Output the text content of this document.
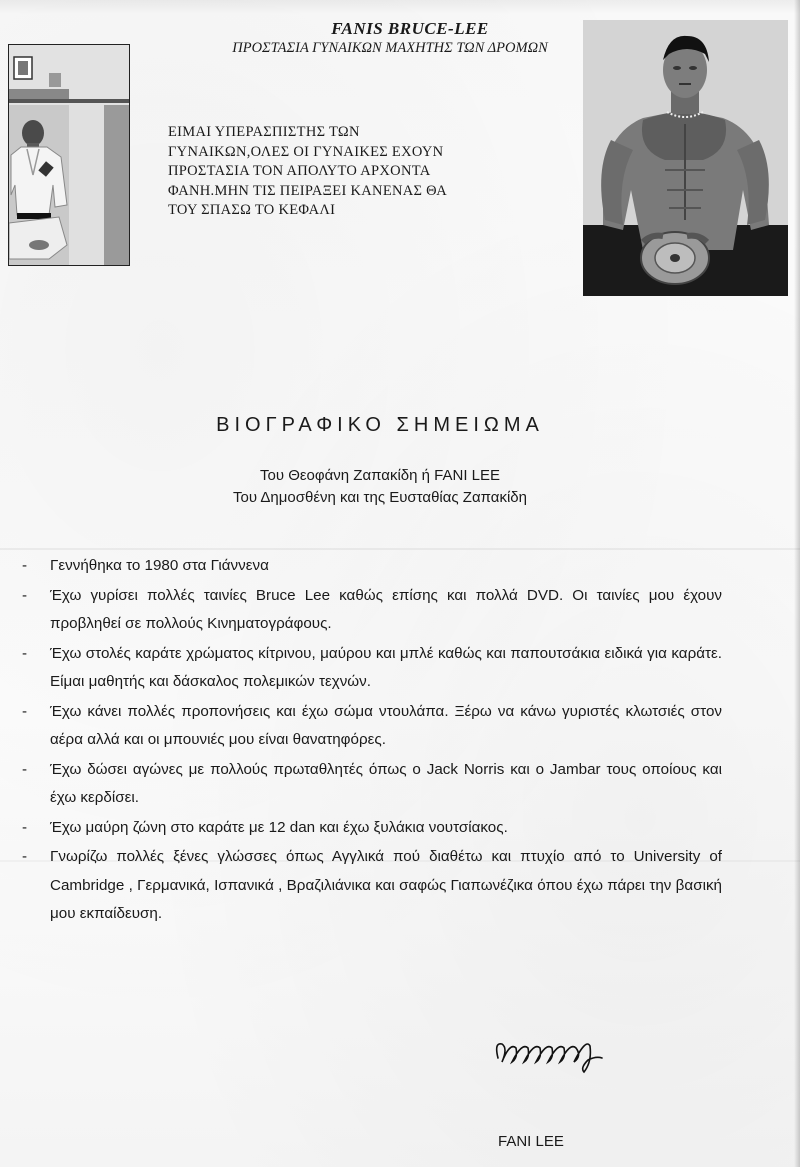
FANIS BRUCE-LEE
ΠΡΟΣΤΑΣΙΑ ΓΥΝΑΙΚΩΝ ΜΑΧΗΤΗΣ ΤΩΝ ΔΡΟΜΩΝ
ΕΙΜΑΙ ΥΠΕΡΑΣΠΙΣΤΗΣ ΤΩΝ
ΓΥΝΑΙΚΩΝ,ΟΛΕΣ ΟΙ ΓΥΝΑΙΚΕΣ ΕΧΟΥΝ
ΠΡΟΣΤΑΣΙΑ ΤΟΝ ΑΠΟΛΥΤΟ ΑΡΧΟΝΤΑ
ΦΑΝΗ.ΜΗΝ ΤΙΣ ΠΕΙΡΑΞΕΙ ΚΑΝΕΝΑΣ ΘΑ
ΤΟΥ ΣΠΑΣΩ ΤΟ ΚΕΦΑΛΙ
ΒΙΟΓΡΑΦΙΚΟ ΣΗΜΕΙΩΜΑ
Του Θεοφάνη Ζαπακίδη ή FANI LEE
Του Δημοσθένη και της Ευσταθίας Ζαπακίδη
- Γεννήθηκα το 1980 στα Γιάννενα
- Έχω γυρίσει πολλές ταινίες Bruce Lee καθώς επίσης και πολλά DVD. Οι ταινίες μου έχουν προβληθεί σε πολλούς Κινηματογράφους.
- Έχω στολές καράτε χρώματος κίτρινου, μαύρου και μπλέ καθώς και παπουτσάκια ειδικά για καράτε. Είμαι μαθητής και δάσκαλος πολεμικών τεχνών.
- Έχω κάνει πολλές προπονήσεις και έχω σώμα ντουλάπα. Ξέρω να κάνω γυριστές κλωτσιές στον αέρα αλλά και οι μπουνιές μου είναι θανατηφόρες.
- Έχω δώσει αγώνες με πολλούς πρωταθλητές όπως ο Jack Norris και ο Jambar τους οποίους και έχω κερδίσει.
- Έχω μαύρη ζώνη στο καράτε με 12 dan και έχω ξυλάκια νουτσίακος.
- Γνωρίζω πολλές ξένες γλώσσες όπως Αγγλικά πού διαθέτω και πτυχίο από το University of Cambridge , Γερμανικά, Ισπανικά , Βραζιλιάνικα και σαφώς Γιαπωνέζικα όπου έχω πάρει την βασική μου εκπαίδευση.
FANI LEE
